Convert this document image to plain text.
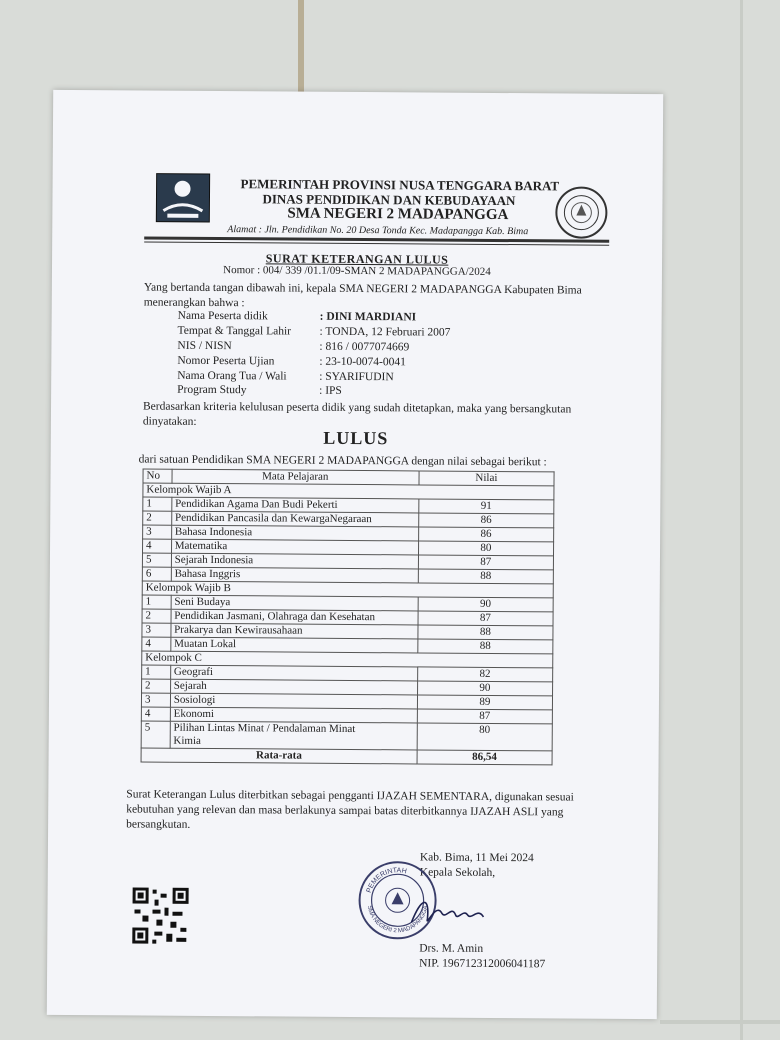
PEMERINTAH PROVINSI NUSA TENGGARA BARAT
DINAS PENDIDIKAN DAN KEBUDAYAAN
SMA NEGERI 2 MADAPANGGA
Alamat : Jln. Pendidikan No. 20 Desa Tonda Kec. Madapangga Kab. Bima
SURAT KETERANGAN LULUS
Nomor : 004/ 339 /01.1/09-SMAN 2 MADAPANGGA/2024
Yang bertanda tangan dibawah ini, kepala SMA NEGERI 2 MADAPANGGA Kabupaten Bima menerangkan bahwa :
Nama Peserta didik	: DINI MARDIANI
Tempat & Tanggal Lahir : TONDA, 12 Februari 2007
NIS / NISN	: 816 / 0077074669
Nomor Peserta Ujian	: 23-10-0074-0041
Nama Orang Tua / Wali	: SYARIFUDIN
Program Study	: IPS
Berdasarkan kriteria kelulusan peserta didik yang sudah ditetapkan, maka yang bersangkutan dinyatakan:
LULUS
dari satuan Pendidikan SMA NEGERI 2 MADAPANGGA dengan nilai sebagai berikut :
No	Mata Pelajaran	Nilai
Kelompok Wajib A		
1	Pendidikan Agama Dan Budi Pekerti	91
2	Pendidikan Pancasila dan KewargaNegaraan	86
3	Bahasa Indonesia	86
4	Matematika	80
5	Sejarah Indonesia	87
6	Bahasa Inggris	88
Kelompok Wajib B		
1	Seni Budaya	90
2	Pendidikan Jasmani, Olahraga dan Kesehatan	87
3	Prakarya dan Kewirausahaan	88
4	Muatan Lokal	88
Kelompok C		
1	Geografi	82
2	Sejarah	90
3	Sosiologi	89
4	Ekonomi	87
5	Pilihan Lintas Minat / Pendalaman Minat
Kimia	80
Rata-rata		86,54
Surat Keterangan Lulus diterbitkan sebagai pengganti IJAZAH SEMENTARA, digunakan sesuai kebutuhan yang relevan dan masa berlakunya sampai batas diterbitkannya IJAZAH ASLI yang bersangkutan.
Kab. Bima, 11 Mei 2024
Kepala Sekolah,
PEMERINTAH
SMA NEGERI 2 MADAPANGGA
Drs. M. Amin
NIP. 196712312006041187
